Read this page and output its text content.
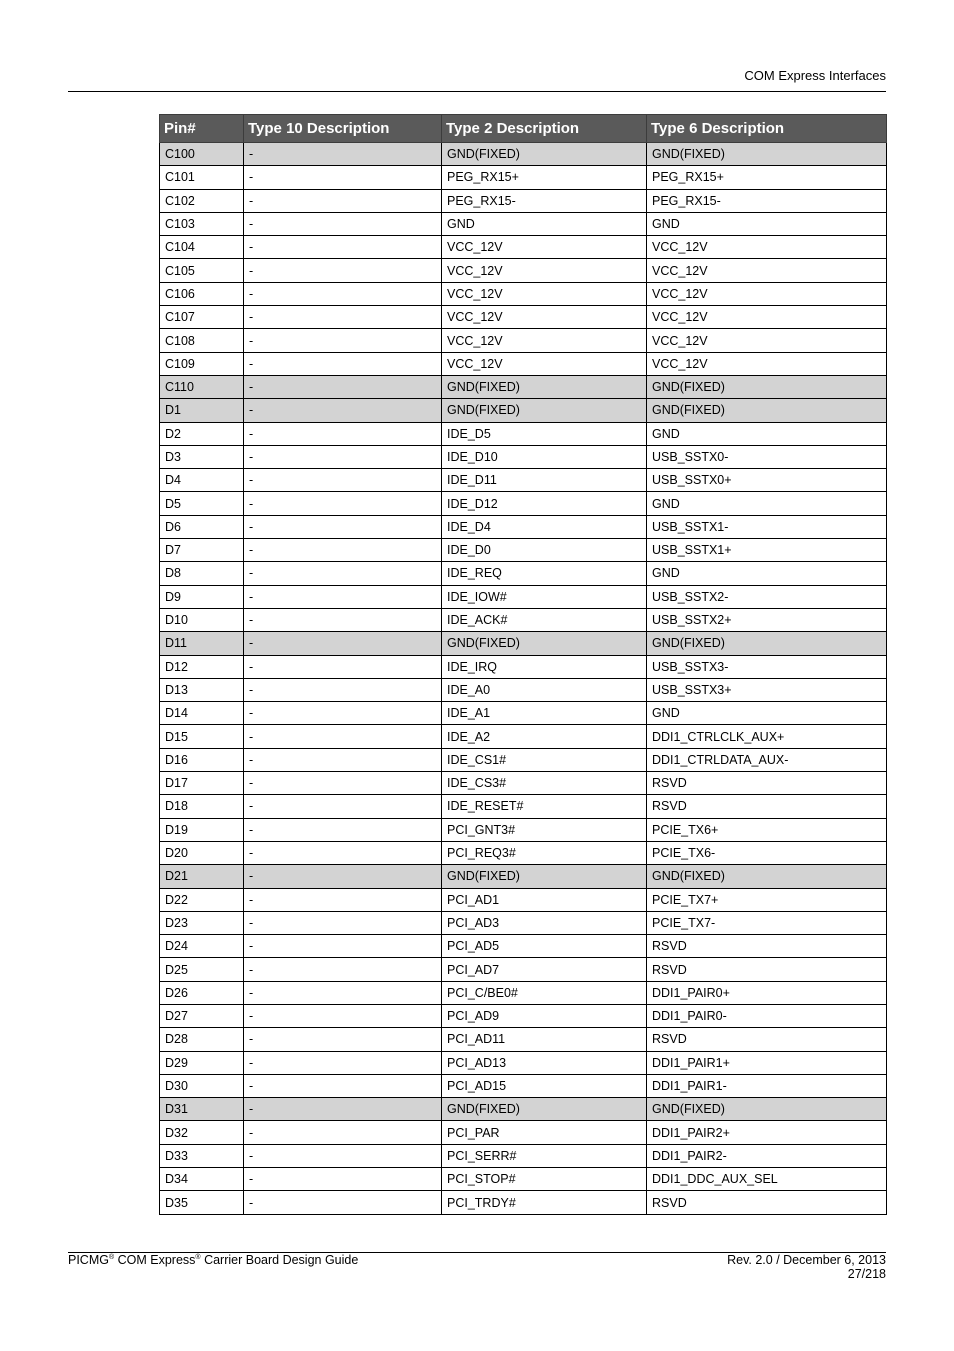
COM Express Interfaces
Pin#	Type 10 Description	Type 2 Description	Type 6 Description
C100	-	GND(FIXED)	GND(FIXED)
C101	-	PEG_RX15+	PEG_RX15+
C102	-	PEG_RX15-	PEG_RX15-
C103	-	GND	GND
C104	-	VCC_12V	VCC_12V
C105	-	VCC_12V	VCC_12V
C106	-	VCC_12V	VCC_12V
C107	-	VCC_12V	VCC_12V
C108	-	VCC_12V	VCC_12V
C109	-	VCC_12V	VCC_12V
C110	-	GND(FIXED)	GND(FIXED)
D1	-	GND(FIXED)	GND(FIXED)
D2	-	IDE_D5	GND
D3	-	IDE_D10	USB_SSTX0-
D4	-	IDE_D11	USB_SSTX0+
D5	-	IDE_D12	GND
D6	-	IDE_D4	USB_SSTX1-
D7	-	IDE_D0	USB_SSTX1+
D8	-	IDE_REQ	GND
D9	-	IDE_IOW#	USB_SSTX2-
D10	-	IDE_ACK#	USB_SSTX2+
D11	-	GND(FIXED)	GND(FIXED)
D12	-	IDE_IRQ	USB_SSTX3-
D13	-	IDE_A0	USB_SSTX3+
D14	-	IDE_A1	GND
D15	-	IDE_A2	DDI1_CTRLCLK_AUX+
D16	-	IDE_CS1#	DDI1_CTRLDATA_AUX-
D17	-	IDE_CS3#	RSVD
D18	-	IDE_RESET#	RSVD
D19	-	PCI_GNT3#	PCIE_TX6+
D20	-	PCI_REQ3#	PCIE_TX6-
D21	-	GND(FIXED)	GND(FIXED)
D22	-	PCI_AD1	PCIE_TX7+
D23	-	PCI_AD3	PCIE_TX7-
D24	-	PCI_AD5	RSVD
D25	-	PCI_AD7	RSVD
D26	-	PCI_C/BE0#	DDI1_PAIR0+
D27	-	PCI_AD9	DDI1_PAIR0-
D28	-	PCI_AD11	RSVD
D29	-	PCI_AD13	DDI1_PAIR1+
D30	-	PCI_AD15	DDI1_PAIR1-
D31	-	GND(FIXED)	GND(FIXED)
D32	-	PCI_PAR	DDI1_PAIR2+
D33	-	PCI_SERR#	DDI1_PAIR2-
D34	-	PCI_STOP#	DDI1_DDC_AUX_SEL
D35	-	PCI_TRDY#	RSVD
PICMG® COM Express® Carrier Board Design Guide	Rev. 2.0 / December 6, 2013
27/218
